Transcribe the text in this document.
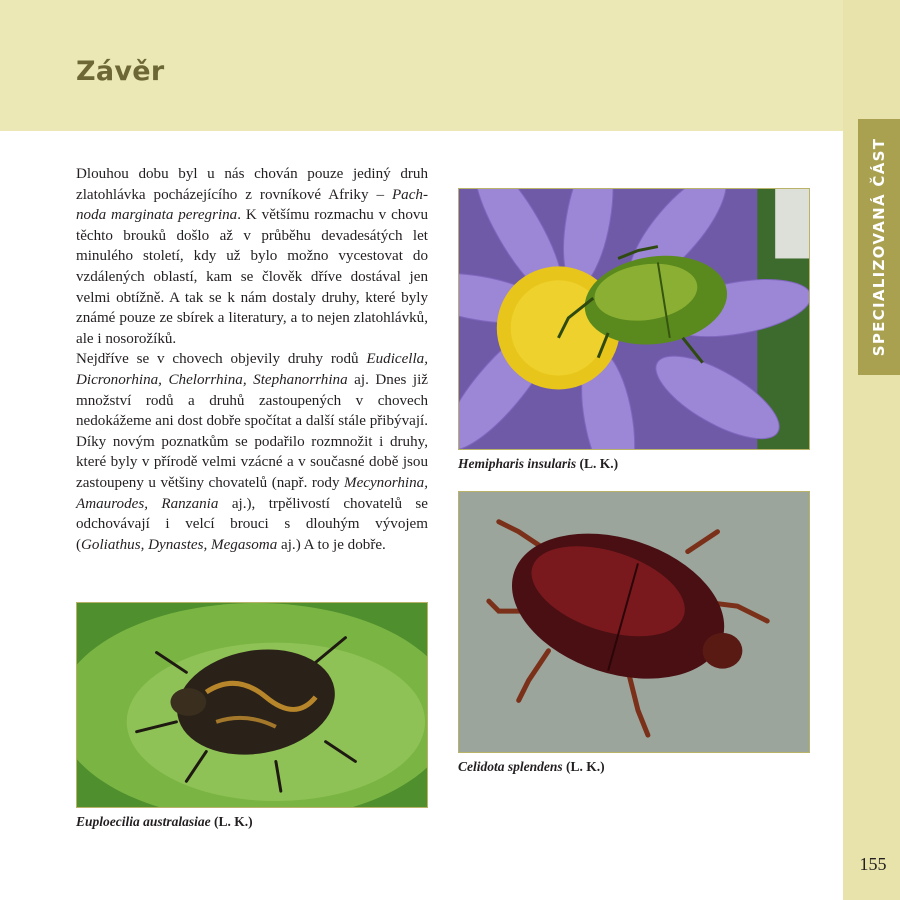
Závěr
SPECIALIZOVANÁ ČÁST
155

Dlouhou dobu byl u nás chován pouze jediný druh zlatohlávka pocházejícího z rovníkové Afriky – Pachnoda marginata peregrina. K většímu rozmachu v chovu těchto brouků došlo až v průběhu devadesátých let minulého století, kdy už bylo možno vycestovat do vzdálených oblastí, kam se člověk dříve dostával jen velmi obtížně. A tak se k nám dostaly druhy, které byly známé pouze ze sbírek a literatury, a to nejen zlatohlávků, ale i nosorožíků.

Nejdříve se v chovech objevily druhy rodů Eudicella, Dicronorhina, Chelorrhina, Stephanorrhina aj. Dnes již množství rodů a druhů zastoupených v chovech nedokážeme ani dost dobře spočítat a další stále přibývají. Díky novým poznatkům se podařilo rozmnožit i druhy, které byly v přírodě velmi vzácné a v současné době jsou zastoupeny u většiny chovatelů (např. rody Mecynorhina, Amaurodes, Ranzania aj.), trpělivostí chovatelů se odchovávají i velcí brouci s dlouhým vývojem (Goliathus, Dynastes, Megasoma aj.) A to je dobře.

Hemipharis insularis (L. K.)
Celidota splendens (L. K.)
Euploecilia australasiae (L. K.)
